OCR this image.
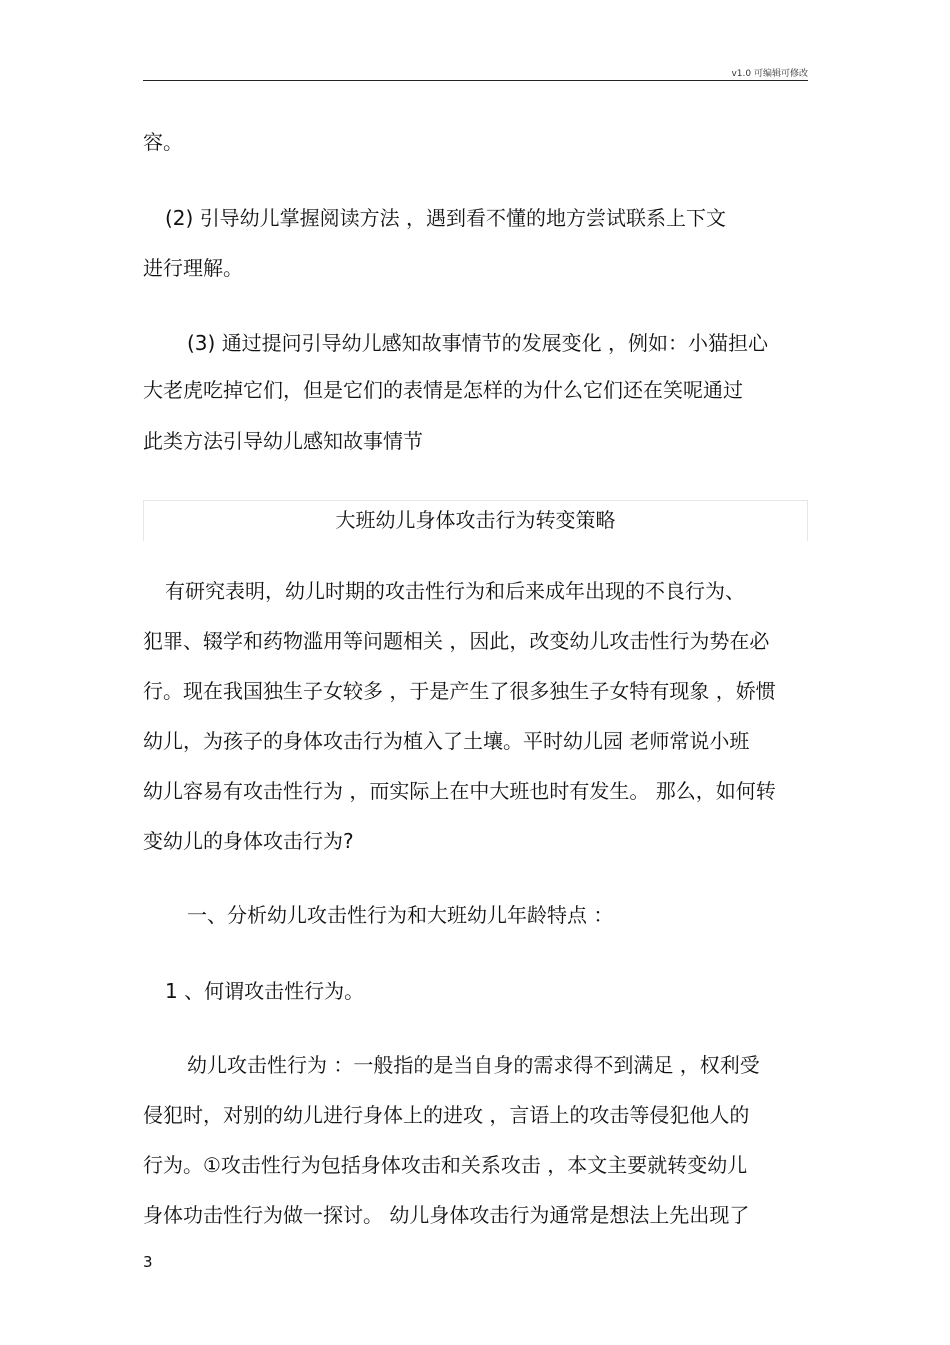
v1.0 可编辑可修改
容。
(2) 引导幼儿掌握阅读方法 ，遇到看不懂的地方尝试联系上下文
进行理解。
(3) 通过提问引导幼儿感知故事情节的发展变化 ，例如：小猫担心
大老虎吃掉它们，但是它们的表情是怎样的为什么它们还在笑呢通过
此类方法引导幼儿感知故事情节
大班幼儿身体攻击行为转变策略
有研究表明，幼儿时期的攻击性行为和后来成年出现的不良行为、
犯罪、辍学和药物滥用等问题相关 ，因此，改变幼儿攻击性行为势在必
行。现在我国独生子女较多 ，于是产生了很多独生子女特有现象 ，娇惯
幼儿，为孩子的身体攻击行为植入了土壤。平时幼儿园 老师常说小班
幼儿容易有攻击性行为 ，而实际上在中大班也时有发生。 那么，如何转
变幼儿的身体攻击行为?
一、分析幼儿攻击性行为和大班幼儿年龄特点 ：
1 、何谓攻击性行为。
幼儿攻击性行为 ：一般指的是当自身的需求得不到满足 ，权利受
侵犯时，对别的幼儿进行身体上的进攻 ，言语上的攻击等侵犯他人的
行为。①攻击性行为包括身体攻击和关系攻击 ，本文主要就转变幼儿
身体功击性行为做一探讨。 幼儿身体攻击行为通常是想法上先出现了
3
